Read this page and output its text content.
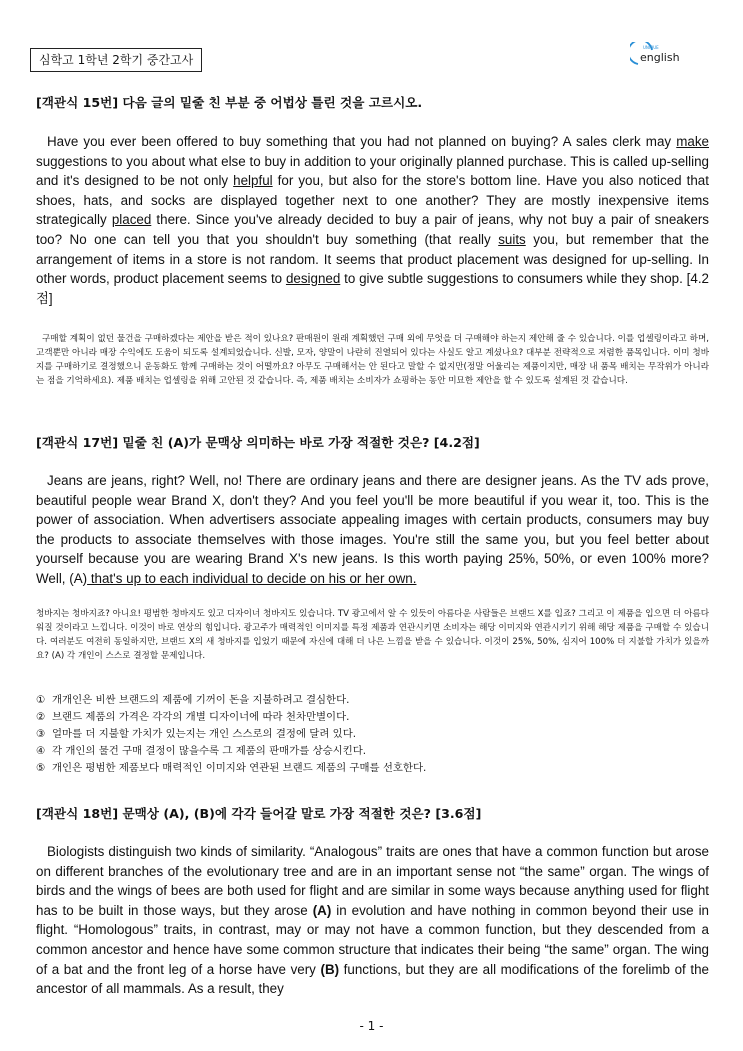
심학고 1학년 2학기 중간고사
UNIQUE
english
[객관식 15번] 다음 글의 밑줄 친 부분 중 어법상 틀린 것을 고르시오.
Have you ever been offered to buy something that you had not planned on buying? A sales clerk may make suggestions to you about what else to buy in addition to your originally planned purchase. This is called up-selling and it's designed to be not only helpful for you, but also for the store's bottom line. Have you also noticed that shoes, hats, and socks are displayed together next to one another? They are mostly inexpensive items strategically placed there. Since you've already decided to buy a pair of jeans, why not buy a pair of sneakers too? No one can tell you that you shouldn't buy something (that really suits you, but remember that the arrangement of items in a store is not random. It seems that product placement was designed for up-selling. In other words, product placement seems to designed to give subtle suggestions to consumers while they shop. [4.2점]
구매할 계획이 없던 물건을 구매하겠다는 제안을 받은 적이 있나요? 판매원이 원래 계획했던 구매 외에 무엇을 더 구매해야 하는지 제안해 줄 수 있습니다. 이를 업셀링이라고 하며, 고객뿐만 아니라 매장 수익에도 도움이 되도록 설계되었습니다. 신발, 모자, 양말이 나란히 진열되어 있다는 사실도 알고 계셨나요? 대부분 전략적으로 저렴한 품목입니다. 이미 청바지를 구매하기로 결정했으니 운동화도 함께 구매하는 것이 어떨까요? 아무도 구매해서는 안 된다고 말할 수 없지만(정말 어울리는 제품이지만, 매장 내 품목 배치는 무작위가 아니라는 점을 기억하세요). 제품 배치는 업셀링을 위해 고안된 것 같습니다. 즉, 제품 배치는 소비자가 쇼핑하는 동안 미묘한 제안을 할 수 있도록 설계된 것 같습니다.
[객관식 17번] 밑줄 친 (A)가 문맥상 의미하는 바로 가장 적절한 것은? [4.2점]
Jeans are jeans, right? Well, no! There are ordinary jeans and there are designer jeans. As the TV ads prove, beautiful people wear Brand X, don't they? And you feel you'll be more beautiful if you wear it, too. This is the power of association. When advertisers associate appealing images with certain products, consumers may buy the products to associate themselves with those images. You're still the same you, but you feel better about yourself because you are wearing Brand X's new jeans. Is this worth paying 25%, 50%, or even 100% more? Well, (A) that's up to each individual to decide on his or her own.
청바지는 청바지죠? 아니요! 평범한 청바지도 있고 디자이너 청바지도 있습니다. TV 광고에서 알 수 있듯이 아름다운 사람들은 브랜드 X를 입죠? 그리고 이 제품을 입으면 더 아름다워질 것이라고 느낍니다. 이것이 바로 연상의 힘입니다. 광고주가 매력적인 이미지를 특정 제품과 연관시키면 소비자는 해당 이미지와 연관시키기 위해 해당 제품을 구매할 수 있습니다. 여러분도 여전히 동일하지만, 브랜드 X의 새 청바지를 입었기 때문에 자신에 대해 더 나은 느낌을 받을 수 있습니다. 이것이 25%, 50%, 심지어 100% 더 지불할 가치가 있을까요? (A) 각 개인이 스스로 결정할 문제입니다.
① 개개인은 비싼 브랜드의 제품에 기꺼이 돈을 지불하려고 결심한다.
② 브랜드 제품의 가격은 각각의 개별 디자이너에 따라 천차만별이다.
③ 얼마를 더 지불할 가치가 있는지는 개인 스스로의 결정에 달려 있다.
④ 각 개인의 물건 구매 결정이 많을수록 그 제품의 판매가를 상승시킨다.
⑤ 개인은 평범한 제품보다 매력적인 이미지와 연관된 브랜드 제품의 구매를 선호한다.
[객관식 18번] 문맥상 (A), (B)에 각각 들어갈 말로 가장 적절한 것은? [3.6점]
Biologists distinguish two kinds of similarity. “Analogous” traits are ones that have a common function but arose on different branches of the evolutionary tree and are in an important sense not “the same” organ. The wings of birds and the wings of bees are both used for flight and are similar in some ways because anything used for flight has to be built in those ways, but they arose (A) in evolution and have nothing in common beyond their use in flight. “Homologous” traits, in contrast, may or may not have a common function, but they descended from a common ancestor and hence have some common structure that indicates their being “the same” organ. The wing of a bat and the front leg of a horse have very (B) functions, but they are all modifications of the forelimb of the ancestor of all mammals. As a result, they
- 1 -
